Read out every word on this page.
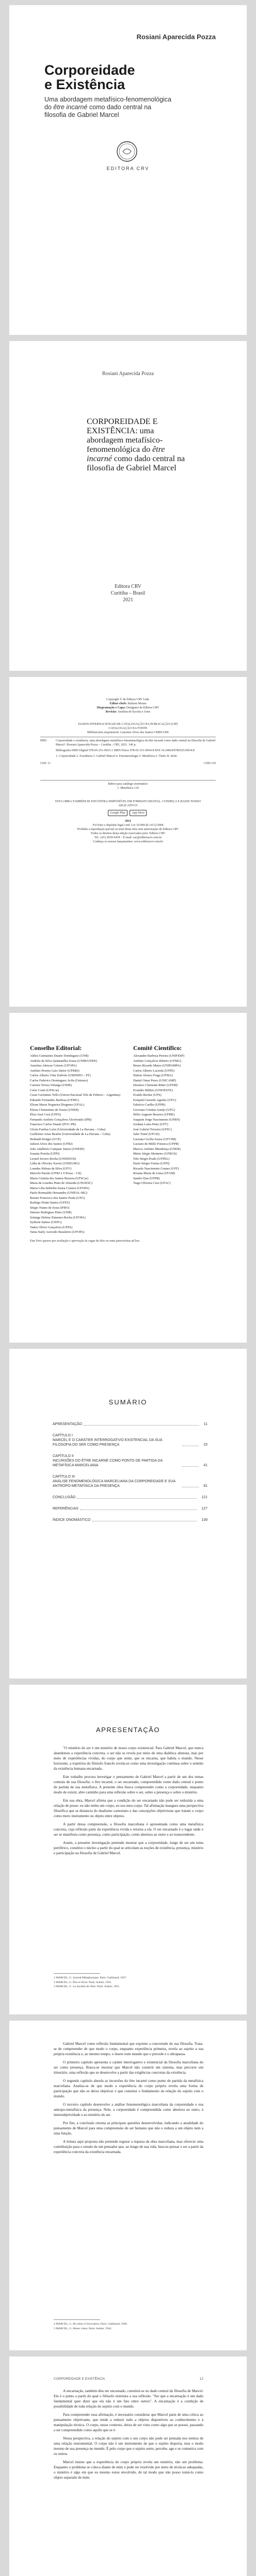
Rosiani Aparecida Pozza
Corporeidade
e Existência
Uma abordagem metafísico-fenomenológica do être incarné como dado central na filosofia de Gabriel Marcel
EDITORA CRV
Rosiani Aparecida Pozza
CORPOREIDADE E EXISTÊNCIA: uma abordagem metafísico-fenomenológica do être incarné como dado central na filosofia de Gabriel Marcel
Editora CRV
Curitiba – Brasil
2021
Copyright © da Editora CRV Ltda.
Editor-chefe: Railson Moura
Diagramação e Capa: Designers da Editora CRV
Revisão: Analista de Escrita e Artes
DADOS INTERNACIONAIS DE CATALOGAÇÃO NA PUBLICAÇÃO (CIP)
CATALOGAÇÃO NA FONTE
Bibliotecária responsável: Luzenira Alves dos Santos CRB9/1506
P893	Corporeidade e existência: uma abordagem metafísico-fenomenológica do être incarné como dado central na filosofia de Gabriel Marcel / Rosiani Aparecida Pozza – Curitiba : CRV, 2021. 146 p.
Bibliografia ISBN Digital 978-65-251-0933-1 ISBN Físico 978-65-251-0934-8 DOI 10.24824/978652510934.8
1. Corporeidade 2. Existência 3. Gabriel Marcel 4. Fenomenologia 5. Metafísica I. Título II. Série.
CDU 11	CDD 110
Índice para catálogo sistemático
1. Metafísica 110
ESTA OBRA TAMBÉM SE ENCONTRA DISPONÍVEL EM FORMATO DIGITAL. CONHEÇA E BAIXE NOSSO APLICATIVO!
Google Play App Store
2021
Foi feito o depósito legal conf. Lei 10.994 de 14/12/2004
Proibida a reprodução parcial ou total desta obra sem autorização da Editora CRV
Todos os direitos desta edição reservados pela: Editora CRV
Tel.: (41) 3039-6418 – E-mail: sac@editoracrv.com.br
Conheça os nossos lançamentos: www.editoracrv.com.br
Conselho Editorial:
Aldira Guimarães Duarte Domínguez (UNB)
Andréia da Silva Quintanilha Sousa (UNIR/UFRN)
Anselmo Alencar Colares (UFOPA)
Antônio Pereira Gaio Júnior (UFRRJ)
Carlos Alberto Vilar Estêvão (UMINHO – PT)
Carlos Federico Dominguez Avila (Unieuro)
Carmen Tereza Velanga (UNIR)
Celso Conti (UFSCar)
Cesar Gerónimo Tello (Univer.Nacional Três de Febrero – Argentina)
Eduardo Fernandes Barbosa (UFMG)
Elione Maria Nogueira Diogenes (UFAL)
Elizeu Clementino de Souza (UNEB)
Élsio José Corá (UFFS)
Fernando Antônio Gonçalves Alcoforado (IPB)
Francisco Carlos Duarte (PUC-PR)
Gloria Fariñas León (Universidade de La Havana – Cuba)
Guillermo Arias Beatón (Universidade de La Havana – Cuba)
Helmuth Krüger (UCP)
Jailson Alves dos Santos (UFRJ)
João Adalberto Campato Junior (UNESP)
Josania Portela (UFPI)
Leonel Severo Rocha (UNISINOS)
Lídia de Oliveira Xavier (UNIEURO)
Lourdes Helena da Silva (UFV)
Marcelo Paixão (UFRJ e UTexas – US)
Maria Cristina dos Santos Bezerra (UFSCar)
Maria de Lourdes Pinto de Almeida (UNOESC)
Maria Lília Imbiriba Sousa Colares (UFOPA)
Paulo Romualdo Hernandes (UNIFAL-MG)
Renato Francisco dos Santos Paula (UFG)
Rodrigo Pratte-Santos (UFES)
Sérgio Nunes de Jesus (IFRO)
Simone Rodrigues Pinto (UNB)
Solange Helena Ximenes-Rocha (UFOPA)
Sydione Santos (UEPG)
Tadeu Oliver Gonçalves (UFPA)
Tania Suely Azevedo Brasileiro (UFOPA)
Comitê Científico:
Alexandre Barbosa Pereira (UNIFESP)
Antônio Gonçalves Ribeiro (UFMG)
Bruno Ricardo Matos (UNIPAMPA)
Carlos Alberto Lacerda (UFPE)
Dalton Afonso Fraga (UFMA)
Daniel Omar Perez (UNICAMP)
Dionísio Clemente Ritter (UFSM)
Evandro Bilibio (UNIOESTE)
Evaldo Becker (UFS)
Ezequiel Gerardo Aguilar (UFU)
Fabrício Coelho (UFPR)
Geovana Cristina Araújo (UFG)
Hélio Augusto Bezerra (UFRR)
Joaquim Jorge Nascimento (UFRN)
Jordana Luísa Pinto (UFT)
José Gabriel Teixeira (UFSC)
Julio Tomé (UFGD)
Luciana Cecília Souza (UFVJM)
Luciano de Mello Fonseca (UFPR)
Marcos Antônio Mendonça (UNEB)
Mário Sérgio Monteiro (UFRGS)
Nilo Sérgio Prado (UFPEL)
Paulo Sérgio Freitas (UFPI)
Ricardo Nascimento Gomes (UFF)
Rosana Maria de Lima (UFAM)
Sandro Dau (UFPB)
Tiago Oliveira Cruz (UFAC)
Este livro passou por avaliação e aprovação às cegas de dois ou mais pareceristas ad hoc.
SUMÁRIO
APRESENTAÇÃO	11
CAPÍTULO I
MARCEL E O CARÁTER INTERROGATIVO EXISTENCIAL DA SUA FILOSOFIA DO SER COMO PRESENÇA	15
CAPÍTULO II
INCURSÕES DO ÊTRE INCARNÉ COMO PONTO DE PARTIDA DA METAFÍSICA MARCELIANA	41
CAPÍTULO III
ANÁLISE FENOMENOLÓGICA MARCELIANA DA CORPOREIDADE E SUA ANTROPO-METAFÍSICA DA PRESENÇA	81
CONCLUSÃO	121
REFERÊNCIAS	127
ÍNDICE ONOMÁSTICO	139
APRESENTAÇÃO

"O mistério do ser é um mistério de nosso corpo existencial. Para Gabriel Marcel, que nunca abandonou a experiência concreta, o ser não se revela por meio de uma dialética abstrata, mas por meio de experiências vividas, do corpo que sente, que se encarna, que habita o mundo. Nesse horizonte, a trajetória do filósofo francês revela-se como uma investigação contínua sobre o sentido da existência humana encarnada.

Este trabalho procura investigar o pensamento de Gabriel Marcel a partir de um dos temas centrais de sua filosofia: o être incarné, o ser encarnado, compreendido como dado central e ponto de partida de sua metafísica. A presente obra busca compreender como a corporeidade, enquanto modo de existir, abre caminho para uma reflexão sobre o ser, sobre a presença e sobre o mistério.

Em sua obra, Marcel afirma que a condição do ser encarnado não pode ser reduzida a uma relação de posse: eu não tenho um corpo, eu sou meu corpo. Tal afirmação inaugura uma perspectiva filosófica que se distancia do dualismo cartesiano e das concepções objetivistas que tratam o corpo como mero instrumento ou objeto entre objetos.

A partir dessa compreensão, a filosofia marceliana é apresentada como uma metafísica concreta, cuja reflexão parte da experiência vivida e retorna a ela. O ser encarnado é o lugar onde o ser se manifesta como presença, como participação, como abertura ao outro e ao transcendente.

Assim, a presente investigação pretende mostrar que a corporeidade, longe de ser um tema periférico, constitui o núcleo a partir do qual se articulam as noções de existência, presença, mistério e participação na filosofia de Gabriel Marcel.

1 MARCEL, G. Journal Métaphysique. Paris: Gallimard, 1927.
2 MARCEL, G. Être et Avoir. Paris: Aubier, 1935.
3 MARCEL, G. Le mystère de l'être. Paris: Aubier, 1951.

Gabriel Marcel como reflexão fundamental que exprime a concretude de sua filosofia. Trata-se de compreender de que modo o corpo, enquanto experiência primeira, revela ao sujeito a sua própria existência e, ao mesmo tempo, o insere num mundo que o precede e o ultrapassa.

O primeiro capítulo apresenta o caráter interrogativo e existencial da filosofia marceliana do ser como presença. Busca-se mostrar que Marcel não constrói um sistema, mas percorre um itinerário, uma reflexão que se desenvolve a partir das exigências concretas da existência.

O segundo capítulo aborda as incursões do être incarné como ponto de partida da metafísica marceliana. Analisa-se de que modo a experiência do corpo próprio revela uma forma de participação que não se deixa objetivar e que constitui o fundamento da relação do sujeito com o mundo.

O terceiro capítulo desenvolve a análise fenomenológica marceliana da corporeidade e sua antropo-metafísica da presença. Nele, a corporeidade é compreendida como abertura ao outro, à intersubjetividade e ao mistério do ser.

Por fim, a conclusão retoma as principais questões desenvolvidas, indicando a atualidade do pensamento de Marcel para uma compreensão do ser humano que não o reduza a um objeto nem a uma função.

A leitura aqui proposta não pretende esgotar a riqueza da obra marceliana, mas oferecer uma contribuição para o estudo de um pensador que, ao longo de sua vida, buscou pensar o ser a partir da experiência concreta da existência encarnada.

4 MARCEL, G. Du refus à l'invocation. Paris: Gallimard, 1940.
5 MARCEL, G. Homo viator. Paris: Aubier, 1944.
CORPOREIDADE E EXISTÊNCIA	12

A encarnação, também dita ser encarnado, constitui-se no dado central da filosofia de Marcel. Ela é o ponto a partir do qual o filósofo estrutura a sua reflexão. "Ser que a encarnação é um dado fundamental quer dizer que ela não é um fato entre outros". A encarnação é a condição de possibilidade de toda relação do sujeito com o mundo.

Para compreender essa afirmação, é necessário considerar que Marcel parte de uma crítica ao pensamento objetivante, que tende a reduzir tudo a objetos disponíveis ao conhecimento e à manipulação técnica. O corpo, nesse contexto, deixa de ser visto como algo que se possui, passando a ser compreendido como aquilo que se é.

Nessa perspectiva, a relação do sujeito com o seu corpo não pode ser pensada nos termos de uma relação instrumental. O corpo não é um instrumento de que o sujeito disporia, mas o modo mesmo de sua presença no mundo. É pelo corpo que o sujeito sente, percebe, age e se comunica com os outros.

Marcel insiste que a experiência do corpo próprio revela um mistério, não um problema. Enquanto o problema se coloca diante de mim e pode ser resolvido por meio de técnicas adequadas, o mistério é algo em que eu mesmo estou envolvido, de tal modo que não posso tomá-lo como objeto separado de mim.
